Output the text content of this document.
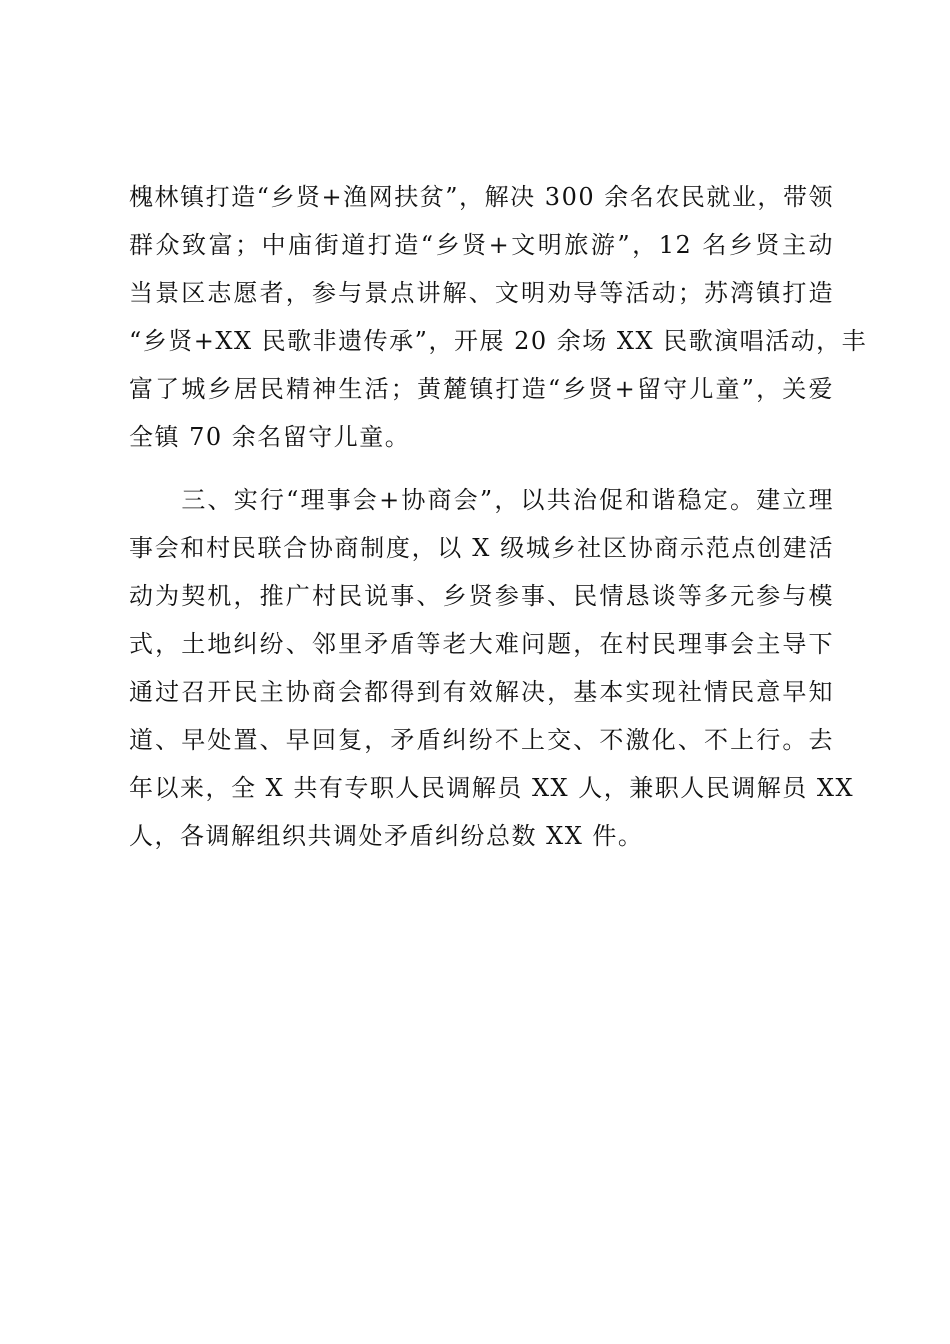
槐林镇打造“乡贤+渔网扶贫”，解决 300 余名农民就业，带领
群众致富；中庙街道打造“乡贤+文明旅游”，12 名乡贤主动
当景区志愿者，参与景点讲解、文明劝导等活动；苏湾镇打造
“乡贤+XX 民歌非遗传承”，开展 20 余场 XX 民歌演唱活动，丰
富了城乡居民精神生活；黄麓镇打造“乡贤+留守儿童”，关爱
全镇 70 余名留守儿童。
　　三、实行“理事会+协商会”，以共治促和谐稳定。建立理
事会和村民联合协商制度，以 X 级城乡社区协商示范点创建活
动为契机，推广村民说事、乡贤参事、民情恳谈等多元参与模
式，土地纠纷、邻里矛盾等老大难问题，在村民理事会主导下
通过召开民主协商会都得到有效解决，基本实现社情民意早知
道、早处置、早回复，矛盾纠纷不上交、不激化、不上行。去
年以来，全 X 共有专职人民调解员 XX 人，兼职人民调解员 XX
人，各调解组织共调处矛盾纠纷总数 XX 件。
